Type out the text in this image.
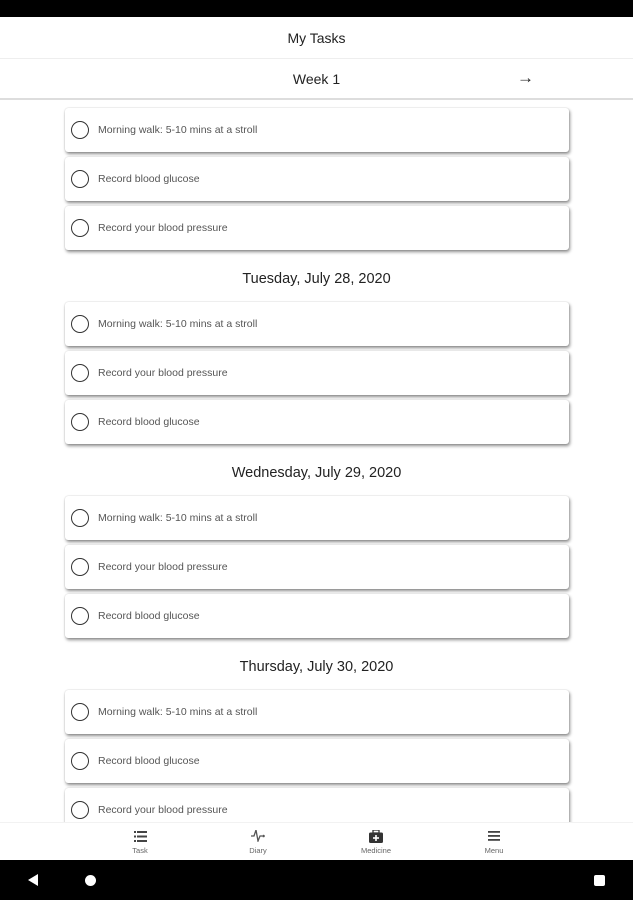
My Tasks
Week 1	→
Morning walk: 5-10 mins at a stroll
Record blood glucose
Record your blood pressure
Tuesday, July 28, 2020
Morning walk: 5-10 mins at a stroll
Record your blood pressure
Record blood glucose
Wednesday, July 29, 2020
Morning walk: 5-10 mins at a stroll
Record your blood pressure
Record blood glucose
Thursday, July 30, 2020
Morning walk: 5-10 mins at a stroll
Record blood glucose
Record your blood pressure
Task	Diary	Medicine	Menu
